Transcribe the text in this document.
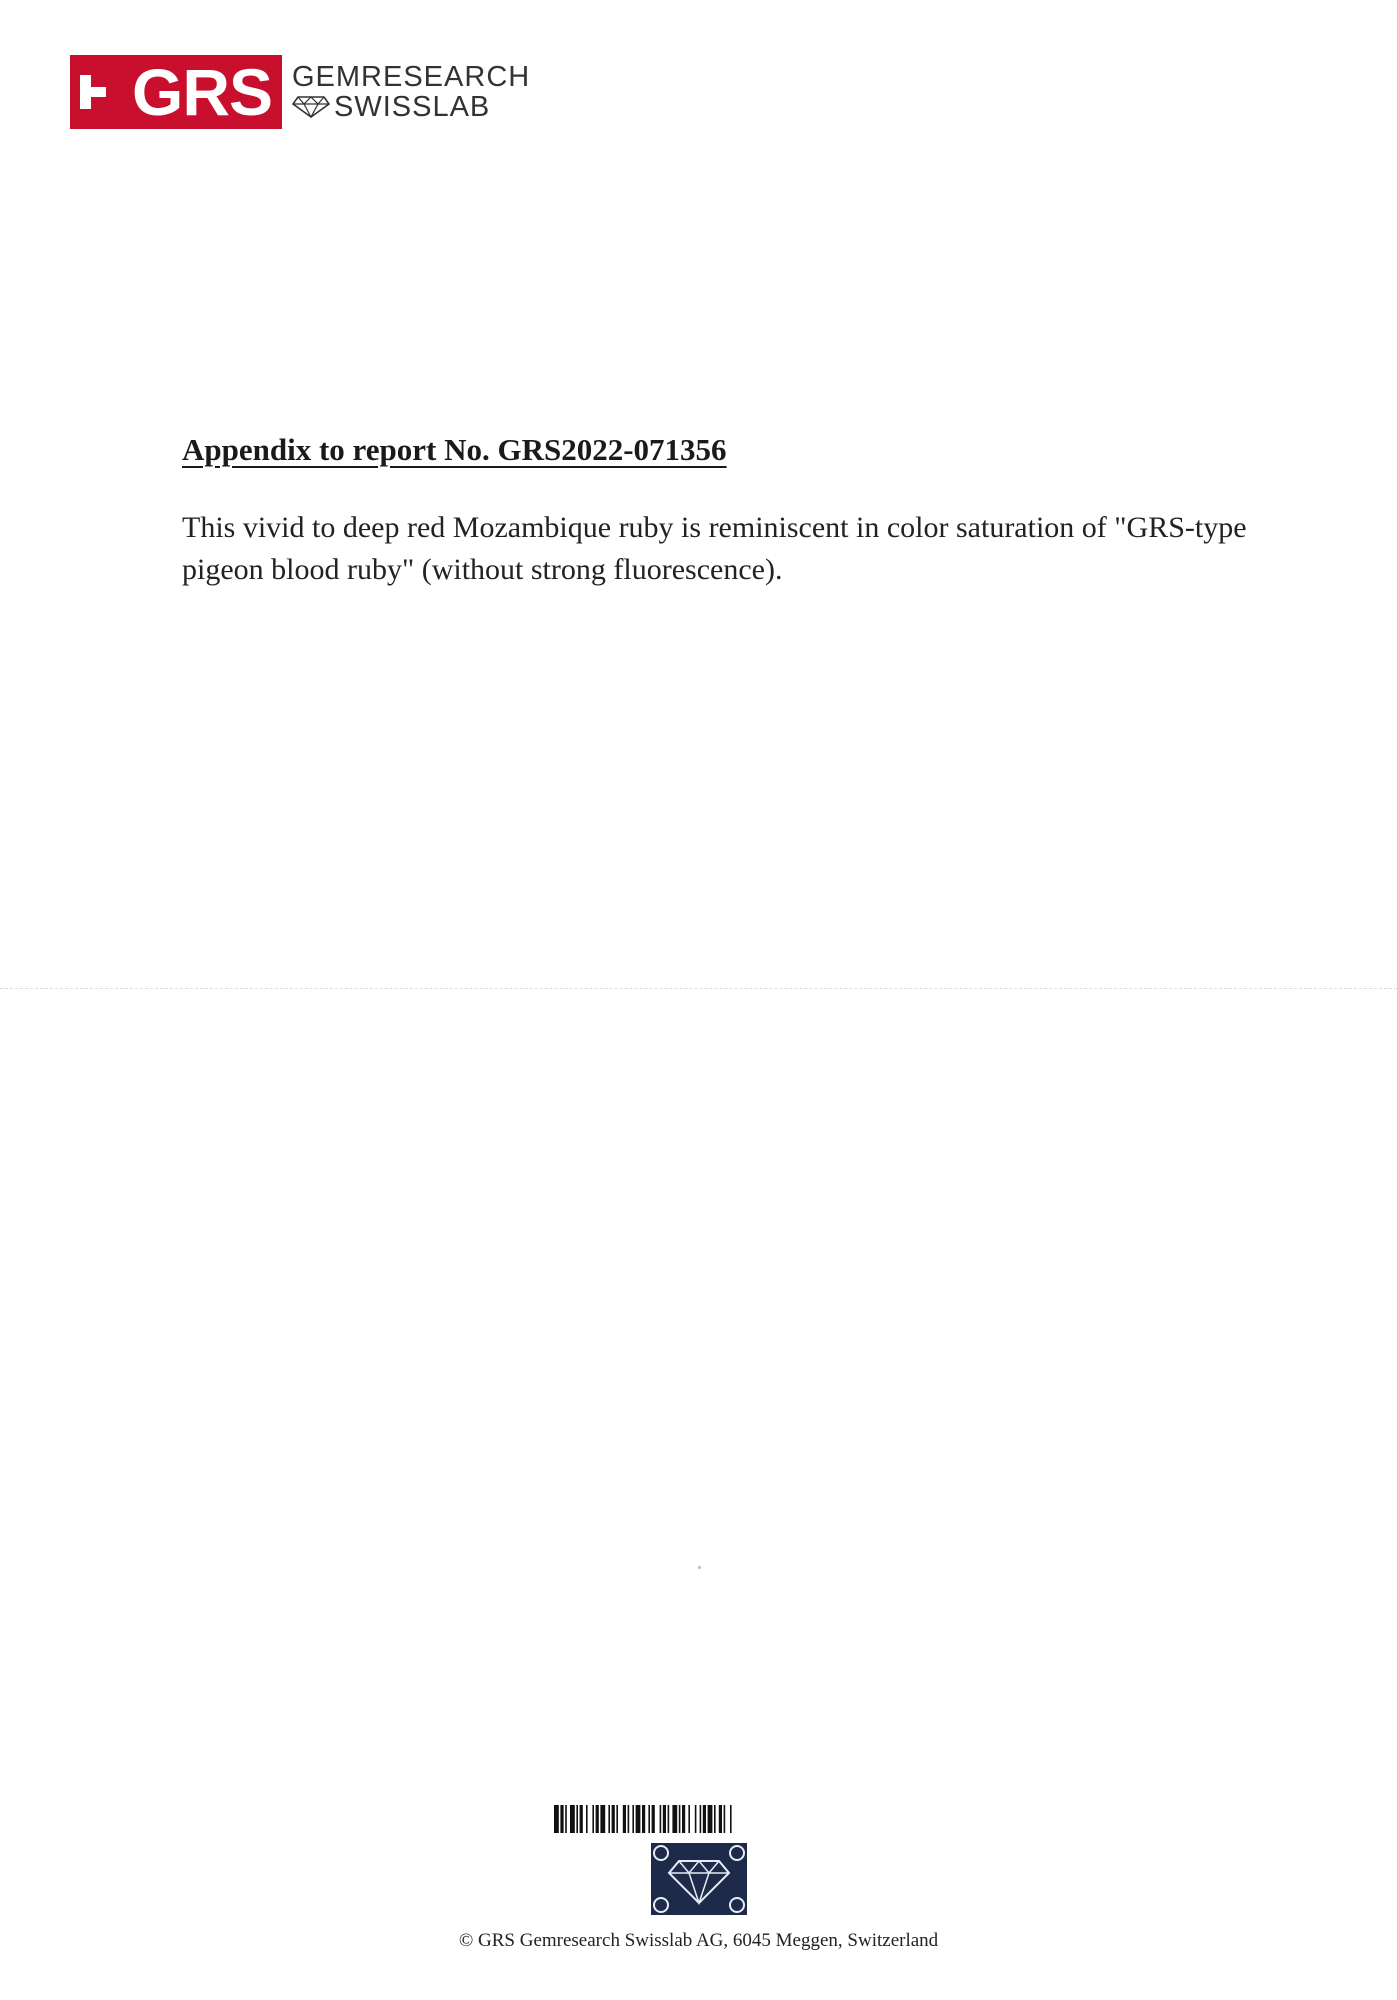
GRS GEMRESEARCH
SWISSLAB
Appendix to report No. GRS2022-071356
This vivid to deep red Mozambique ruby is reminiscent in color saturation of "GRS-type pigeon blood ruby" (without strong fluorescence).
© GRS Gemresearch Swisslab AG, 6045 Meggen, Switzerland
